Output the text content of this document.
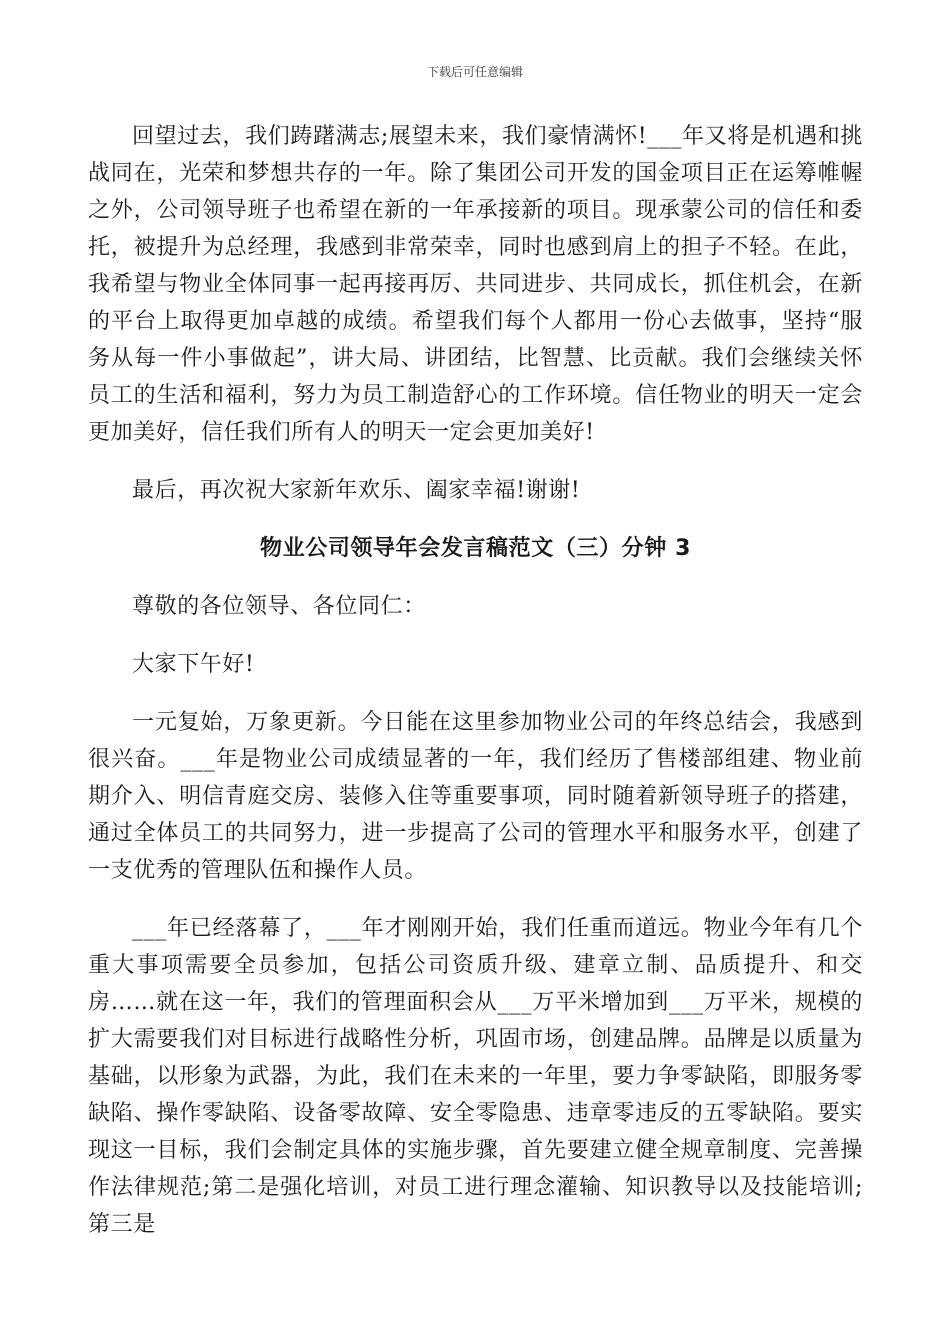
下载后可任意编辑

回望过去，我们踌躇满志;展望未来，我们豪情满怀!___年又将是机遇和挑战同在，光荣和梦想共存的一年。除了集团公司开发的国金项目正在运筹帷幄之外，公司领导班子也希望在新的一年承接新的项目。现承蒙公司的信任和委托，被提升为总经理，我感到非常荣幸，同时也感到肩上的担子不轻。在此，我希望与物业全体同事一起再接再厉、共同进步、共同成长，抓住机会，在新的平台上取得更加卓越的成绩。希望我们每个人都用一份心去做事，坚持“服务从每一件小事做起”，讲大局、讲团结，比智慧、比贡献。我们会继续关怀员工的生活和福利，努力为员工制造舒心的工作环境。信任物业的明天一定会更加美好，信任我们所有人的明天一定会更加美好!

最后，再次祝大家新年欢乐、阖家幸福!谢谢!

物业公司领导年会发言稿范文（三）分钟 3

尊敬的各位领导、各位同仁：

大家下午好!

一元复始，万象更新。今日能在这里参加物业公司的年终总结会，我感到很兴奋。___年是物业公司成绩显著的一年，我们经历了售楼部组建、物业前期介入、明信青庭交房、装修入住等重要事项，同时随着新领导班子的搭建，通过全体员工的共同努力，进一步提高了公司的管理水平和服务水平，创建了一支优秀的管理队伍和操作人员。

___年已经落幕了，___年才刚刚开始，我们任重而道远。物业今年有几个重大事项需要全员参加，包括公司资质升级、建章立制、品质提升、和交房……就在这一年，我们的管理面积会从___万平米增加到___万平米，规模的扩大需要我们对目标进行战略性分析，巩固市场，创建品牌。品牌是以质量为基础，以形象为武器，为此，我们在未来的一年里，要力争零缺陷，即服务零缺陷、操作零缺陷、设备零故障、安全零隐患、违章零违反的五零缺陷。要实现这一目标，我们会制定具体的实施步骤，首先要建立健全规章制度、完善操作法律规范;第二是强化培训，对员工进行理念灌输、知识教导以及技能培训;第三是
